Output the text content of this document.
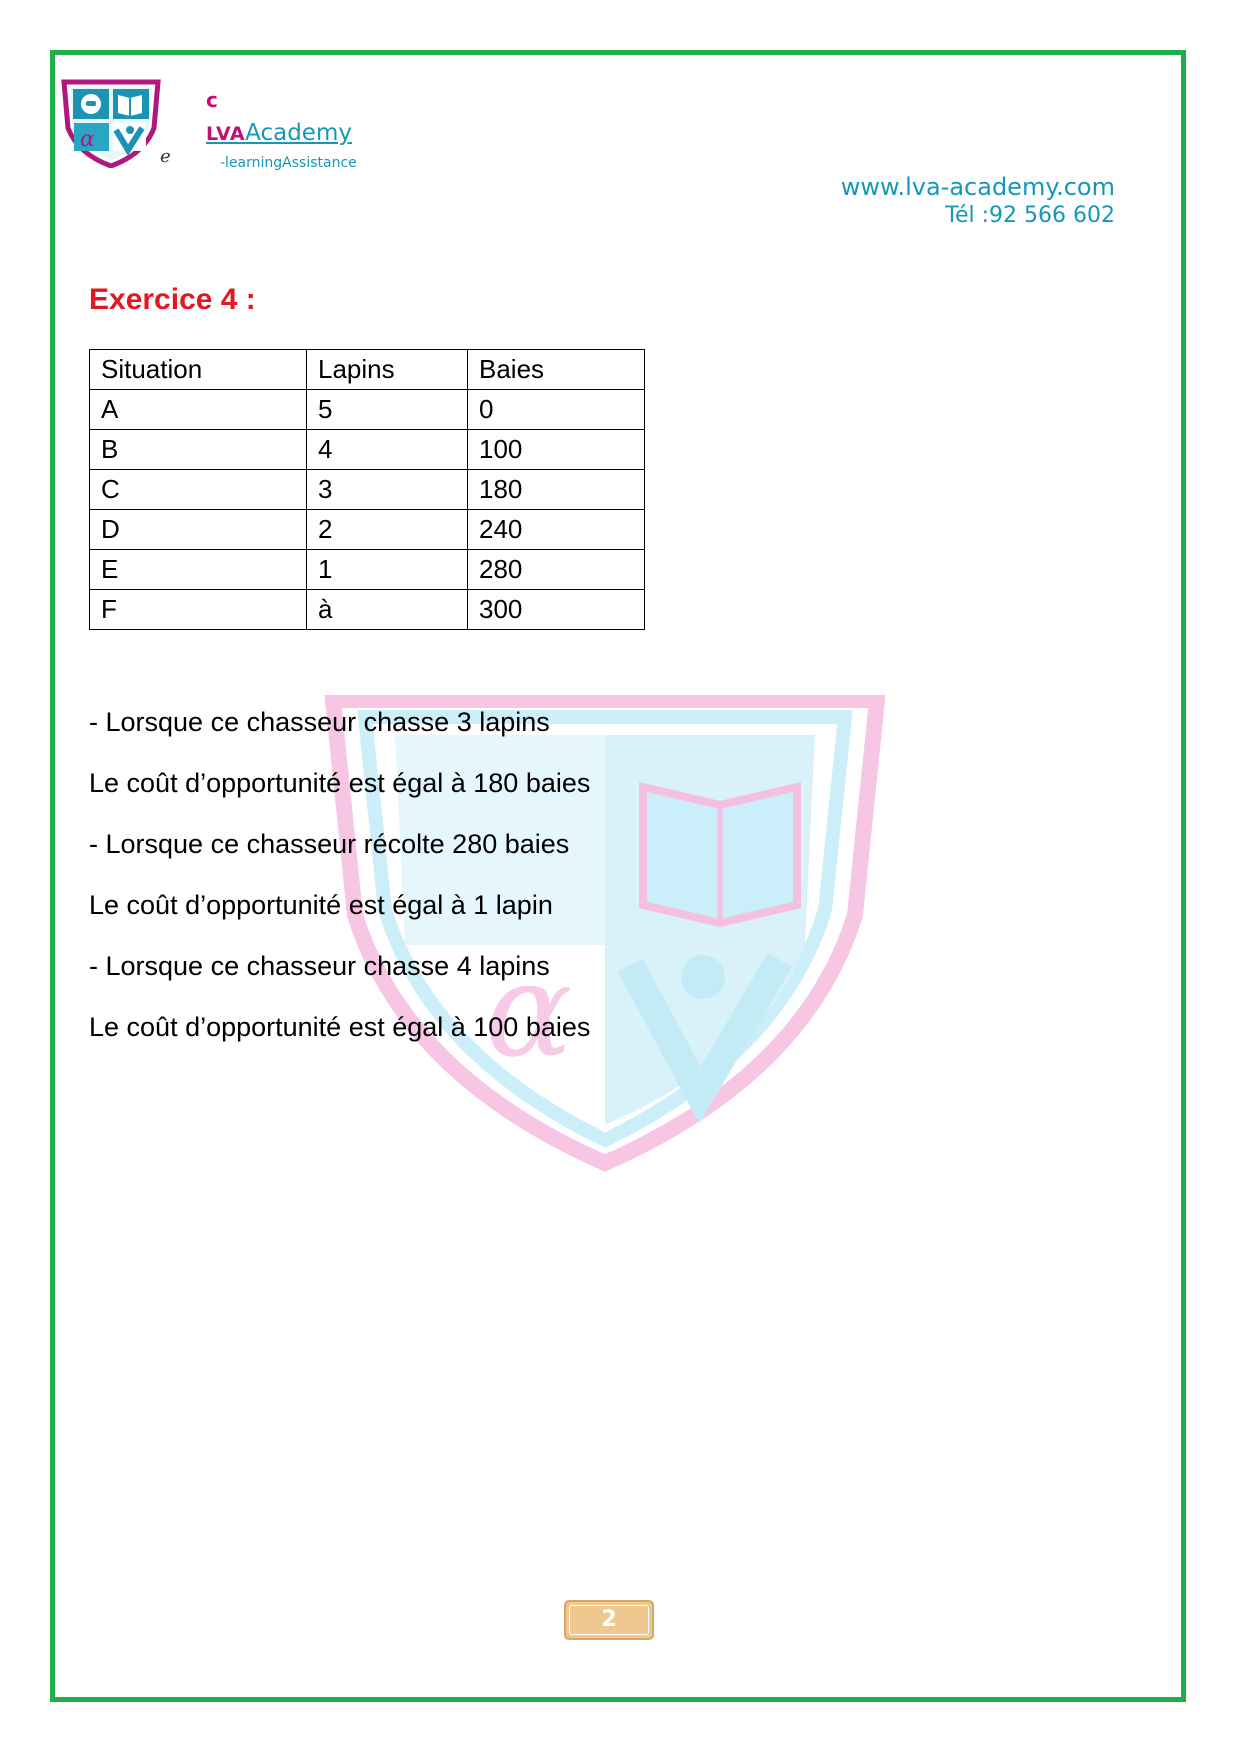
α
e
c
LVAAcademy
-learningAssistance
www.lva-academy.com
Tél :92 566 602
α
Exercice 4 :
Situation	Lapins	Baies
A	5	0
B	4	100
C	3	180
D	2	240
E	1	280
F	à	300

- Lorsque ce chasseur chasse 3 lapins

Le coût d’opportunité est égal à 180 baies

- Lorsque ce chasseur récolte 280 baies

Le coût d’opportunité est égal à 1 lapin

- Lorsque ce chasseur chasse 4 lapins

Le coût d’opportunité est égal à 100 baies

2
